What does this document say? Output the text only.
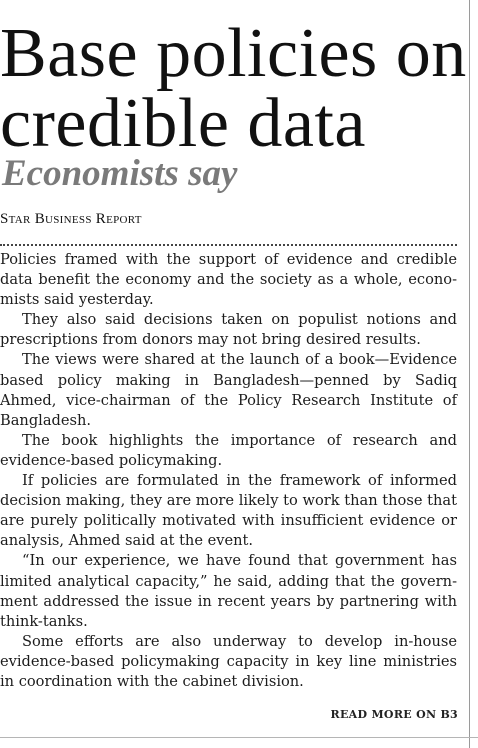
Base policies on
credible data
Economists say
Star Business Report

Policies framed with the support of evidence and credible data benefit the economy and the society as a whole, economists said yesterday.

They also said decisions taken on populist notions and prescriptions from donors may not bring desired results.

The views were shared at the launch of a book—Evidence based policy making in Bangladesh—penned by Sadiq Ahmed, vice-chairman of the Policy Research Institute of Bangladesh.

The book highlights the importance of research and evidence-based policymaking.

If policies are formulated in the framework of informed decision making, they are more likely to work than those that are purely politically motivated with insufficient evidence or analysis, Ahmed said at the event.

“In our experience, we have found that government has limited analytical capacity,” he said, adding that the government addressed the issue in recent years by partnering with think-tanks.

Some efforts are also underway to develop in-house evidence-based policymaking capacity in key line ministries in coordination with the cabinet division.

READ MORE ON B3
